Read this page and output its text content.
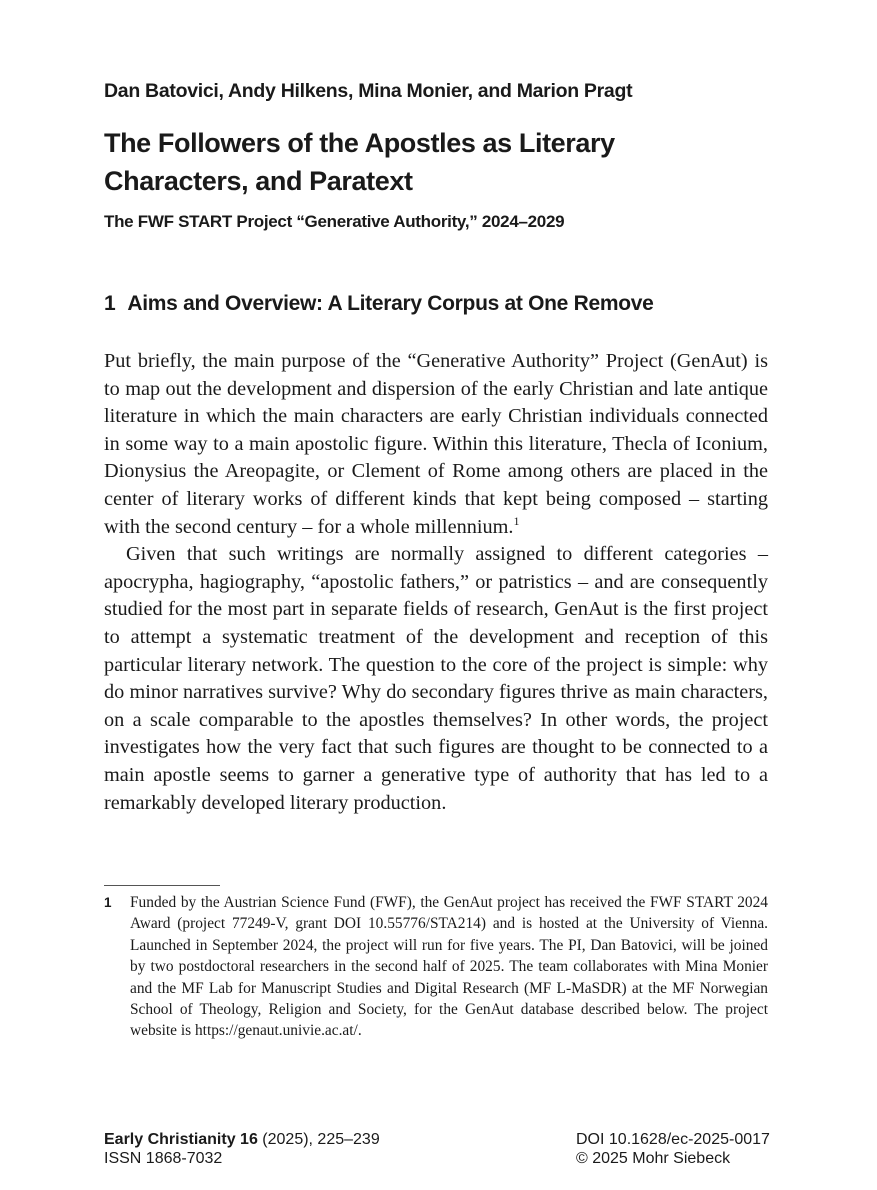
Dan Batovici, Andy Hilkens, Mina Monier, and Marion Pragt
The Followers of the Apostles as Literary
Characters, and Paratext
The FWF START Project “Generative Authority,” 2024–2029
1 Aims and Overview: A Literary Corpus at One Remove

Put briefly, the main purpose of the “Generative Authority” Project (GenAut) is to map out the development and dispersion of the early Christian and late antique literature in which the main characters are early Christian individuals connected in some way to a main apostolic figure. Within this literature, Thecla of Iconium, Dionysius the Areopagite, or Clement of Rome among others are placed in the center of literary works of different kinds that kept being composed – starting with the second century – for a whole millennium.$^1$

Given that such writings are normally assigned to different categories – apocrypha, hagiography, “apostolic fathers,” or patristics – and are consequently studied for the most part in separate fields of research, GenAut is the first project to attempt a systematic treatment of the development and reception of this particular literary network. The question to the core of the project is simple: why do minor narratives survive? Why do secondary figures thrive as main characters, on a scale comparable to the apostles themselves? In other words, the project investigates how the very fact that such figures are thought to be connected to a main apostle seems to garner a generative type of authority that has led to a remarkably developed literary production.

1 Funded by the Austrian Science Fund (FWF), the GenAut project has received the FWF START 2024 Award (project 77249-V, grant DOI 10.55776/STA214) and is hosted at the University of Vienna. Launched in September 2024, the project will run for five years. The PI, Dan Batovici, will be joined by two postdoctoral researchers in the second half of 2025. The team collaborates with Mina Monier and the MF Lab for Manuscript Studies and Digital Research (MF L-MaSDR) at the MF Norwegian School of Theology, Religion and Society, for the GenAut database described below. The project website is https://genaut.univie.ac.at/.
Early Christianity 16 (2025), 225–239
ISSN 1868-7032
DOI 10.1628/ec-2025-0017
© 2025 Mohr Siebeck
